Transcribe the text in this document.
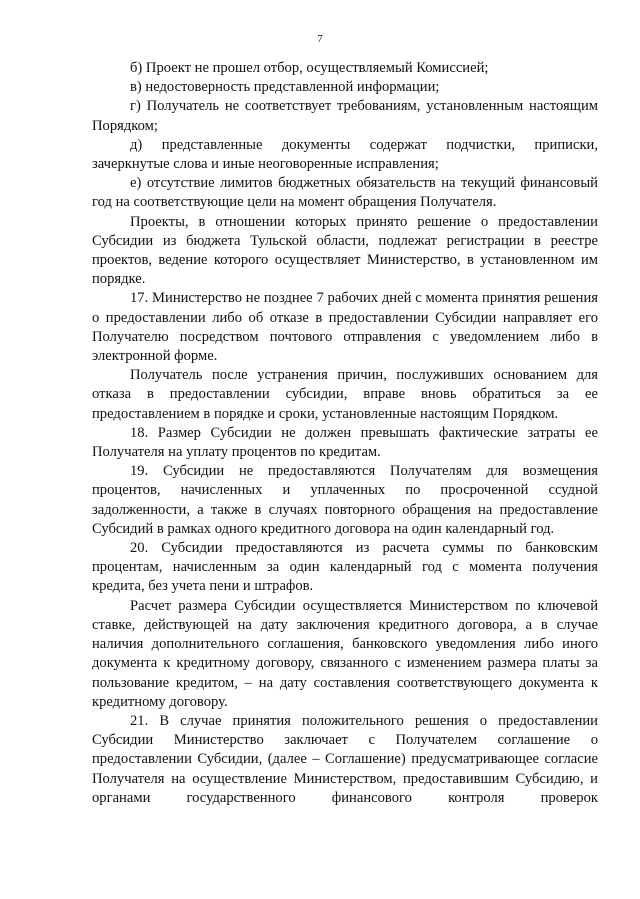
7

б) Проект не прошел отбор, осуществляемый Комиссией;

в) недостоверность представленной информации;

г) Получатель не соответствует требованиям, установленным настоящим Порядком;

д) представленные документы содержат подчистки, приписки, зачеркнутые слова и иные неоговоренные исправления;

е) отсутствие лимитов бюджетных обязательств на текущий финансовый год на соответствующие цели на момент обращения Получателя.

Проекты, в отношении которых принято решение о предоставлении Субсидии из бюджета Тульской области, подлежат регистрации в реестре проектов, ведение которого осуществляет Министерство, в установленном им порядке.

17. Министерство не позднее 7 рабочих дней с момента принятия решения о предоставлении либо об отказе в предоставлении Субсидии направляет его Получателю посредством почтового отправления с уведомлением либо в электронной форме.

Получатель после устранения причин, послуживших основанием для отказа в предоставлении субсидии, вправе вновь обратиться за ее предоставлением в порядке и сроки, установленные настоящим Порядком.

18. Размер Субсидии не должен превышать фактические затраты ее Получателя на уплату процентов по кредитам.

19. Субсидии не предоставляются Получателям для возмещения процентов, начисленных и уплаченных по просроченной ссудной задолженности, а также в случаях повторного обращения на предоставление Субсидий в рамках одного кредитного договора на один календарный год.

20. Субсидии предоставляются из расчета суммы по банковским процентам, начисленным за один календарный год с момента получения кредита, без учета пени и штрафов.

Расчет размера Субсидии осуществляется Министерством по ключевой ставке, действующей на дату заключения кредитного договора, а в случае наличия дополнительного соглашения, банковского уведомления либо иного документа к кредитному договору, связанного с изменением размера платы за пользование кредитом, – на дату составления соответствующего документа к кредитному договору.

21. В случае принятия положительного решения о предоставлении Субсидии Министерство заключает с Получателем соглашение о предоставлении Субсидии, (далее – Соглашение) предусматривающее согласие Получателя на осуществление Министерством, предоставившим Субсидию, и органами государственного финансового контроля проверок
